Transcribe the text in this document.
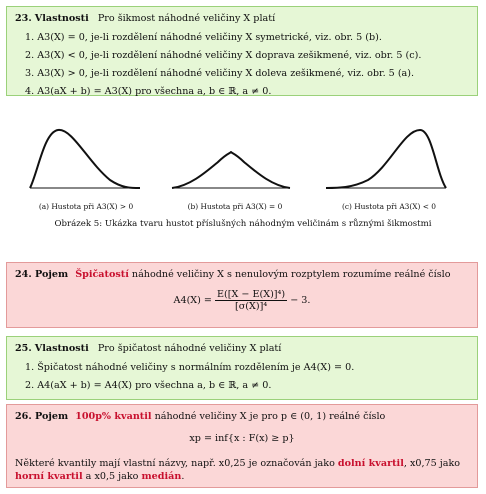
23. Vlastnosti Pro šikmost náhodné veličiny X platí
1. A3(X) = 0, je-li rozdělení náhodné veličiny X symetrické, viz. obr. 5 (b).
2. A3(X) < 0, je-li rozdělení náhodné veličiny X doprava zešikmené, viz. obr. 5 (c).
3. A3(X) > 0, je-li rozdělení náhodné veličiny X doleva zešikmené, viz. obr. 5 (a).
4. A3(aX + b) = A3(X) pro všechna a, b ∈ ℝ, a ≠ 0.
(a) Hustota při A3(X) > 0	(b) Hustota při A3(X) = 0	(c) Hustota při A3(X) < 0
Obrázek 5: Ukázka tvaru hustot příslušných náhodným veličinám s různými šikmostmi
24. Pojem Špičatostí náhodné veličiny X s nenulovým rozptylem rozumíme reálné číslo
$A4(X) = \frac{\text{E([X − E(X)]⁴)}}{\text{[σ(X)]⁴}} - 3$.
25. Vlastnosti Pro špičatost náhodné veličiny X platí
1. Špičatost náhodné veličiny s normálním rozdělením je A4(X) = 0.
2. A4(aX + b) = A4(X) pro všechna a, b ∈ ℝ, a ≠ 0.
26. Pojem 100p% kvantil náhodné veličiny X je pro p ∈ (0, 1) reálné číslo
xp = inf{x : F(x) ≥ p}
Některé kvantily mají vlastní názvy, např. x0,25 je označován jako dolní kvartil, x0,75 jako horní kvartil a x0,5 jako medián.
